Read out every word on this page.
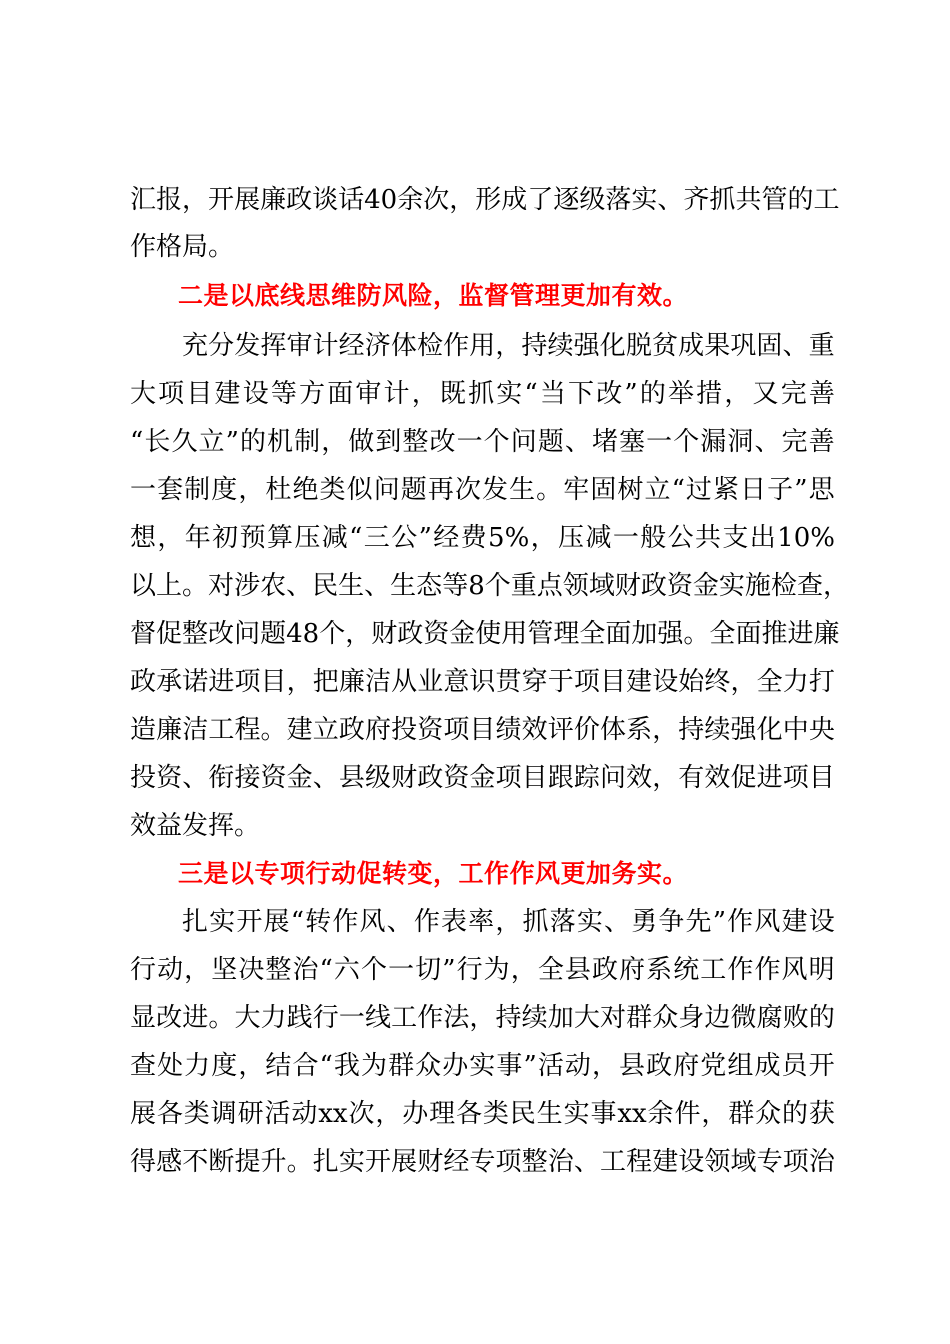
汇 报 ， 开 展 廉 政 谈 话 40 余 次 ， 形 成 了 逐 级 落 实 、 齐 抓 共 管 的 工
作格局。
二是以底线思维防风险，监督管理更加有效。
充 分 发 挥 审 计 经 济 体 检 作 用 ， 持 续 强 化 脱 贫 成 果 巩 固 、 重
大 项 目 建 设 等 方 面 审 计 ， 既 抓 实 “ 当 下 改 ” 的 举 措 ， 又 完 善
“ 长 久 立 ” 的 机 制 ， 做 到 整 改 一 个 问 题 、 堵 塞 一 个 漏 洞 、 完 善
一 套 制 度 ， 杜 绝 类 似 问 题 再 次 发 生 。 牢 固 树 立 “ 过 紧 日 子 ” 思
想 ， 年 初 预 算 压 减 “ 三 公 ” 经 费 5% ， 压 减 一 般 公 共 支 出 10%
以 上 。 对 涉 农 、 民 生 、 生 态 等 8 个 重 点 领 域 财 政 资 金 实 施 检 查 ，
督 促 整 改 问 题 48 个 ， 财 政 资 金 使 用 管 理 全 面 加 强 。 全 面 推 进 廉
政 承 诺 进 项 目 ， 把 廉 洁 从 业 意 识 贯 穿 于 项 目 建 设 始 终 ， 全 力 打
造 廉 洁 工 程 。 建 立 政 府 投 资 项 目 绩 效 评 价 体 系 ， 持 续 强 化 中 央
投 资 、 衔 接 资 金 、 县 级 财 政 资 金 项 目 跟 踪 问 效 ， 有 效 促 进 项 目
效益发挥。
三是以专项行动促转变，工作作风更加务实。
扎 实 开 展 “ 转 作 风 、 作 表 率 ， 抓 落 实 、 勇 争 先 ” 作 风 建 设
行 动 ， 坚 决 整 治 “ 六 个 一 切 ” 行 为 ， 全 县 政 府 系 统 工 作 作 风 明
显 改 进 。 大 力 践 行 一 线 工 作 法 ， 持 续 加 大 对 群 众 身 边 微 腐 败 的
查 处 力 度 ， 结 合 “ 我 为 群 众 办 实 事 ” 活 动 ， 县 政 府 党 组 成 员 开
展 各 类 调 研 活 动 xx 次 ， 办 理 各 类 民 生 实 事 xx 余 件 ， 群 众 的 获
得 感 不 断 提 升 。 扎 实 开 展 财 经 专 项 整 治 、 工 程 建 设 领 域 专 项 治
